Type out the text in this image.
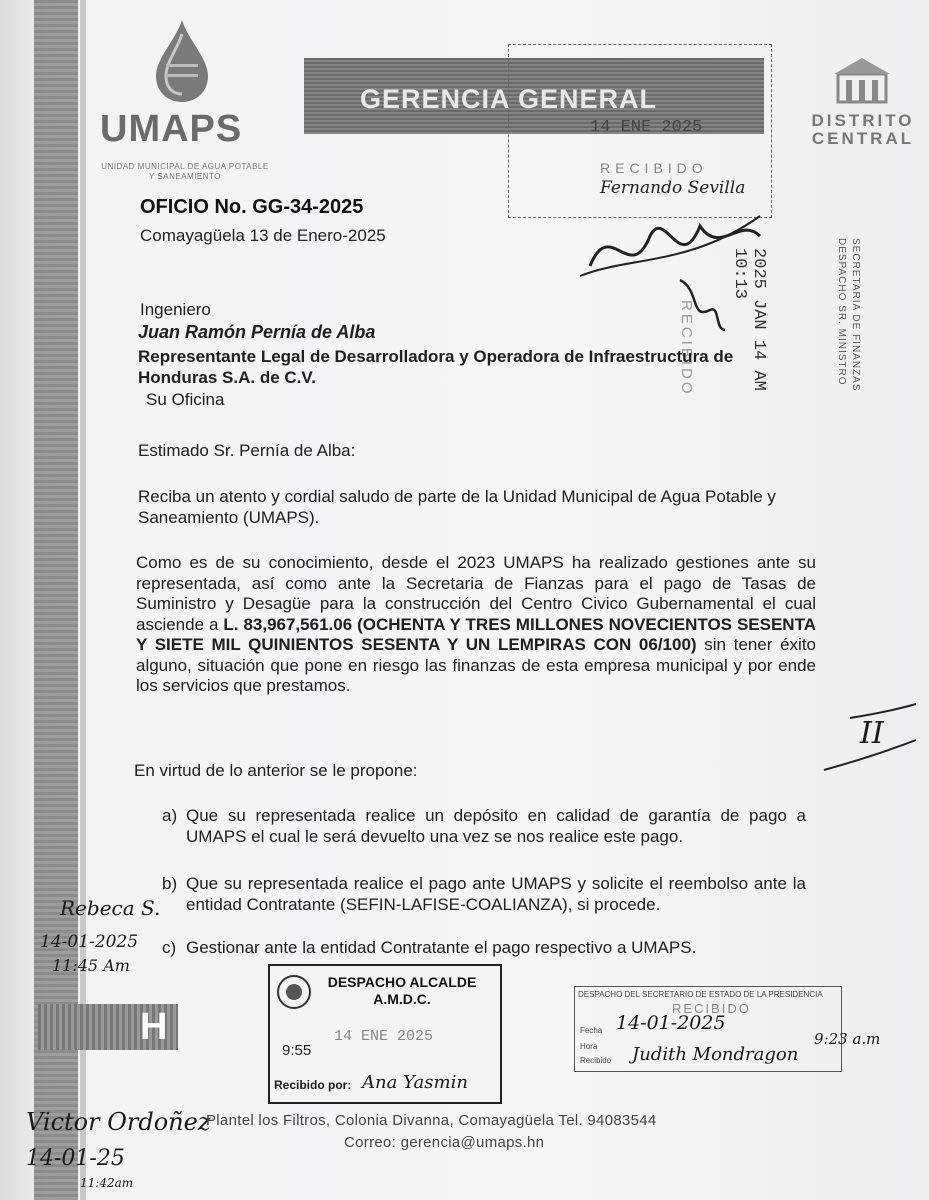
UMAPS
UNIDAD MUNICIPAL DE AGUA POTABLE Y SANEAMIENTO
GERENCIA GENERAL
DISTRITO CENTRAL
14 ENE 2025
RECIBIDO
Fernando Sevilla
OFICIO No. GG-34-2025
Comayagüela 13 de Enero-2025
SECRETARIA DE FINANZAS DESPACHO SR. MINISTRO
2025 JAN 14 AM 10:13
RECIBIDO
Ingeniero
Juan Ramón Pernía de Alba
Representante Legal de Desarrolladora y Operadora de Infraestructura de Honduras S.A. de C.V.
Su Oficina
Estimado Sr. Pernía de Alba:
Reciba un atento y cordial saludo de parte de la Unidad Municipal de Agua Potable y Saneamiento (UMAPS).
Como es de su conocimiento, desde el 2023 UMAPS ha realizado gestiones ante su representada, así como ante la Secretaria de Fianzas para el pago de Tasas de Suministro y Desagüe para la construcción del Centro Civico Gubernamental el cual asciende a L. 83,967,561.06 (OCHENTA Y TRES MILLONES NOVECIENTOS SESENTA Y SIETE MIL QUINIENTOS SESENTA Y UN LEMPIRAS CON 06/100) sin tener éxito alguno, situación que pone en riesgo las finanzas de esta empresa municipal y por ende los servicios que prestamos.
En virtud de lo anterior se le propone:
a) Que su representada realice un depósito en calidad de garantía de pago a UMAPS el cual le será devuelto una vez se nos realice este pago.
b) Que su representada realice el pago ante UMAPS y solicite el reembolso ante la entidad Contratante (SEFIN-LAFISE-COALIANZA), si procede.
c) Gestionar ante la entidad Contratante el pago respectivo a UMAPS.
Rebeca S.
14-01-2025
11:45 Am
II
H
DESPACHO ALCALDE A.M.D.C.
14 ENE 2025
9:55
Recibido por: Ana Yasmin
DESPACHO DEL SECRETARIO DE ESTADO DE LA PRESIDENCIA
RECIBIDO
Fecha 14-01-2025
Hora	9:23 a.m
Recibido Judith Mondragon
Victor Ordoñez
14-01-25
11:42am
Plantel los Filtros, Colonia Divanna, Comayagüela Tel. 94083544
Correo: gerencia@umaps.hn
